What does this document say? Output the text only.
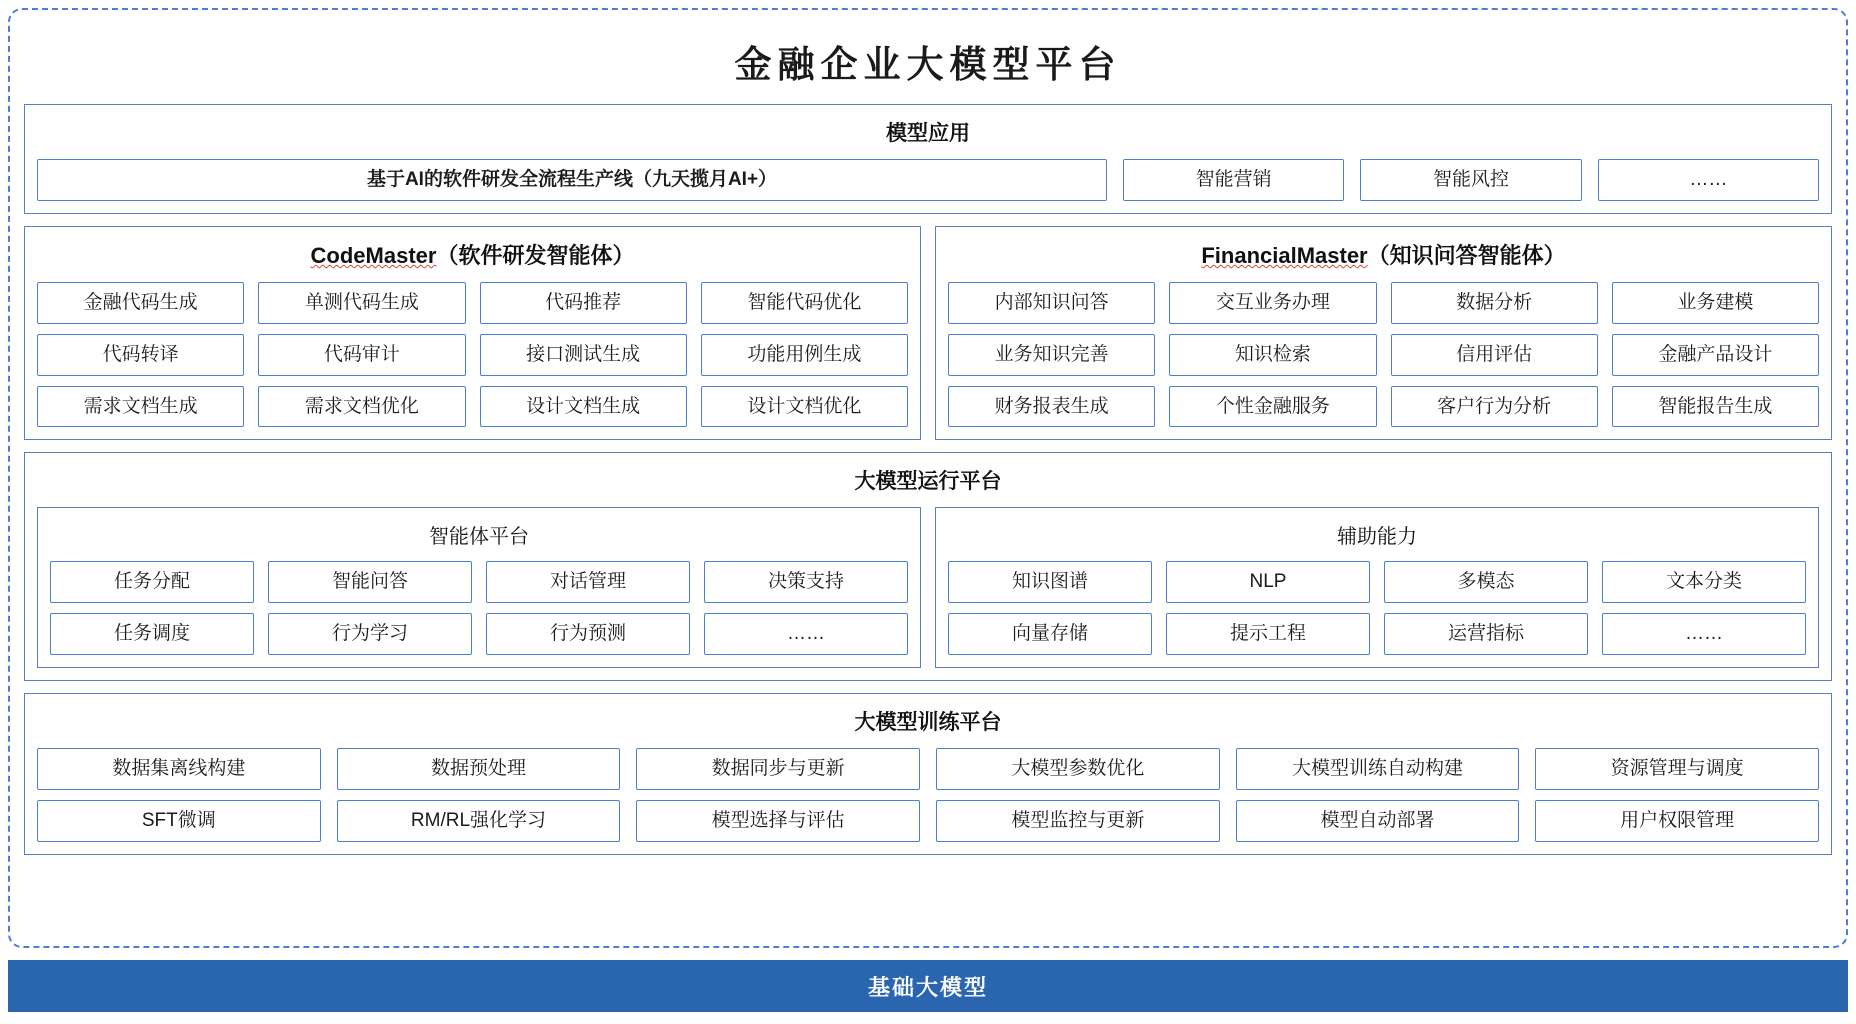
金融企业大模型平台
模型应用
基于AI的软件研发全流程生产线（九天揽月AI+）	智能营销	智能风控	……
CodeMaster（软件研发智能体）
金融代码生成	单测代码生成	代码推荐	智能代码优化
代码转译	代码审计	接口测试生成	功能用例生成
需求文档生成	需求文档优化	设计文档生成	设计文档优化
FinancialMaster（知识问答智能体）
内部知识问答	交互业务办理	数据分析	业务建模
业务知识完善	知识检索	信用评估	金融产品设计
财务报表生成	个性金融服务	客户行为分析	智能报告生成
大模型运行平台
智能体平台
任务分配	智能问答	对话管理	决策支持
任务调度	行为学习	行为预测	……
辅助能力
知识图谱	NLP	多模态	文本分类
向量存储	提示工程	运营指标	……
大模型训练平台
数据集离线构建	数据预处理	数据同步与更新	大模型参数优化	大模型训练自动构建	资源管理与调度
SFT微调	RM/RL强化学习	模型选择与评估	模型监控与更新	模型自动部署	用户权限管理
基础大模型
